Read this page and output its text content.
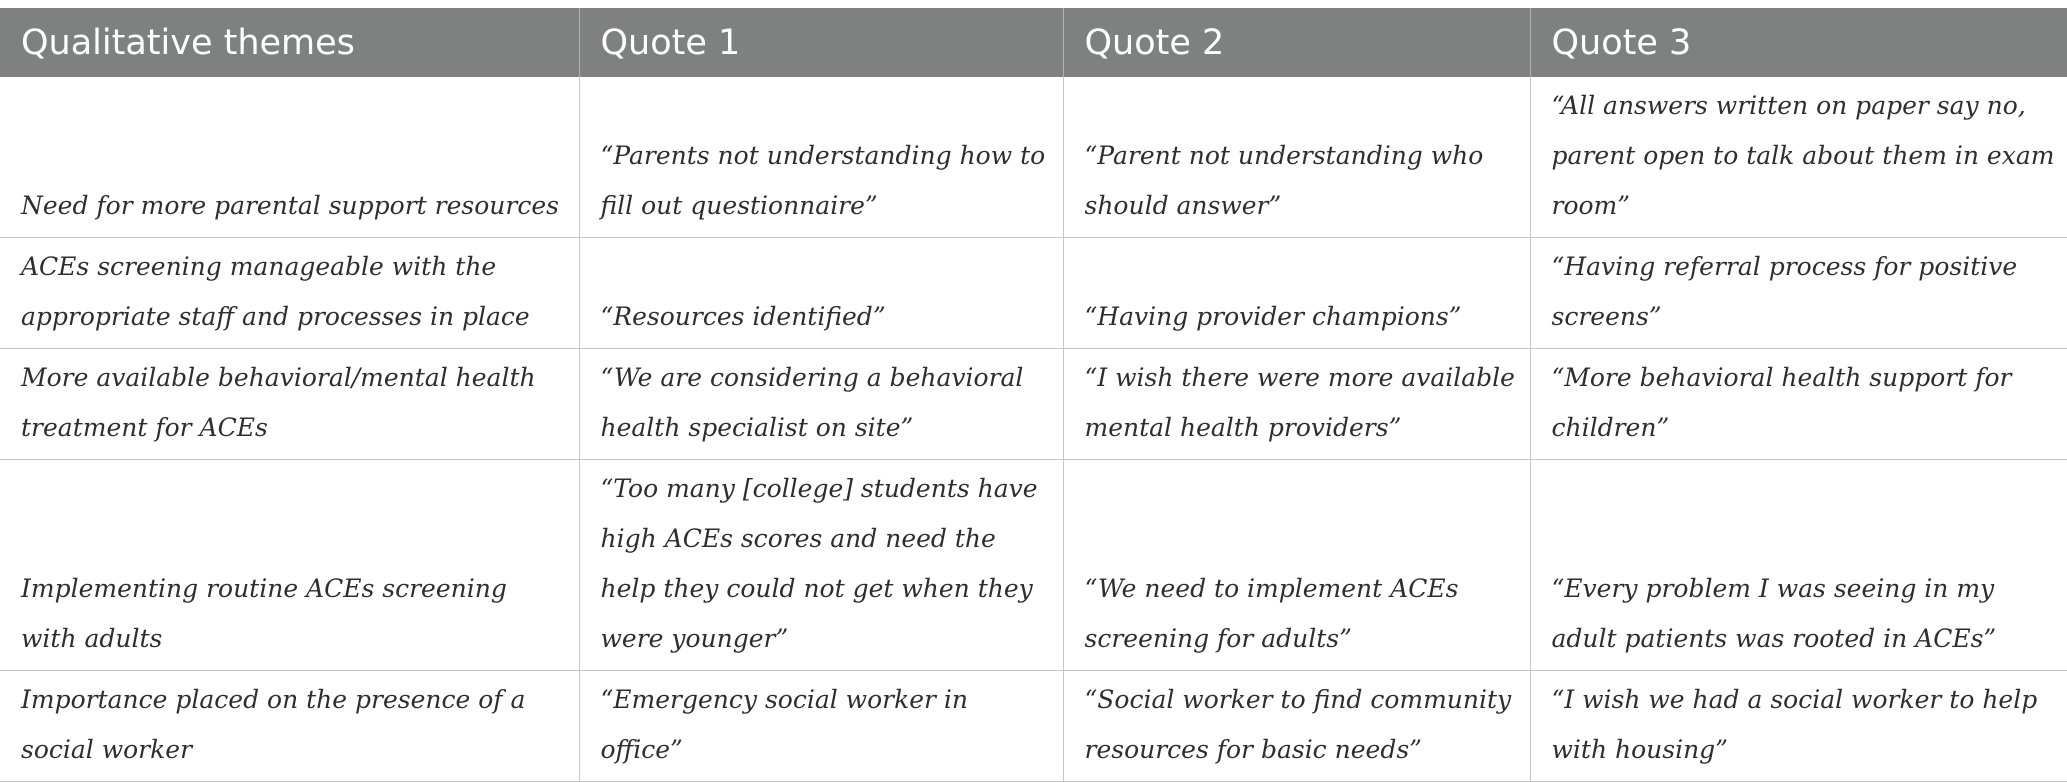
Qualitative themes	Quote 1	Quote 2	Quote 3
Need for more parental support resources	“Parents not understanding how to fill out questionnaire”	“Parent not understanding who should answer”	“All answers written on paper say no, parent open to talk about them in exam room”
ACEs screening manageable with the appropriate staff and processes in place	“Resources identified”	“Having provider champions”	“Having referral process for positive screens”
More available behavioral/mental health treatment for ACEs	“We are considering a behavioral health specialist on site”	“I wish there were more available mental health providers”	“More behavioral health support for children”
Implementing routine ACEs screening with adults	“Too many [college] students have high ACEs scores and need the help they could not get when they were younger”	“We need to implement ACEs screening for adults”	“Every problem I was seeing in my adult patients was rooted in ACEs”
Importance placed on the presence of a social worker	“Emergency social worker in office”	“Social worker to find community resources for basic needs”	“I wish we had a social worker to help with housing”
